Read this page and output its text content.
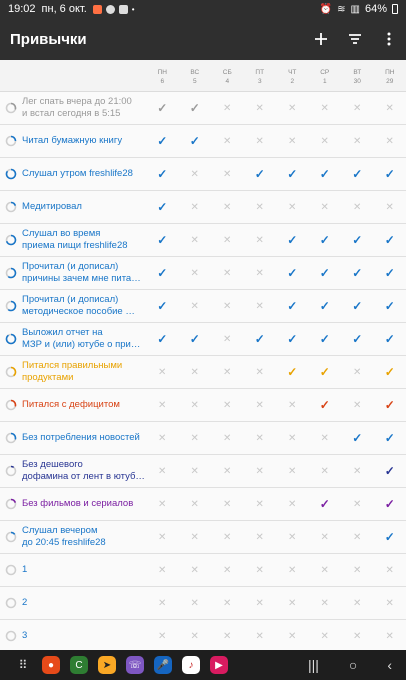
19:02 пн, 6 окт.	•	⏰ ≋ ▥ 64%
Привычки
ПН
6
ВС
5
СБ
4
ПТ
3
ЧТ
2
СР
1
ВТ
30
ПН
29
Лег спать вчера до 21:00
и встал сегодня в 5:15	✓	✓	✕	✕	✕	✕	✕	✕
Читал бумажную книгу	✓	✓	✕	✕	✕	✕	✕	✕
Слушал утром freshlife28	✓	✕	✕	✓	✓	✓	✓	✓
Медитировал	✓	✕	✕	✕	✕	✕	✕	✕
Слушал во время
приема пищи freshlife28	✓	✕	✕	✕	✓	✓	✓	✓
Прочитал (и дописал)
причины зачем мне пита…	✓	✕	✕	✕	✓	✓	✓	✓
Прочитал (и дописал)
методическое пособие …	✓	✕	✕	✕	✓	✓	✓	✓
Выложил отчет на
МЗР и (или) ютубе о при…	✓	✓	✕	✓	✓	✓	✓	✓
Питался правильными
продуктами	✕	✕	✕	✕	✓	✓	✕	✓
Питался с дефицитом	✕	✕	✕	✕	✕	✓	✕	✓
Без потребления новостей	✕	✕	✕	✕	✕	✕	✓	✓
Без дешевого
дофамина от лент в ютуб…	✕	✕	✕	✕	✕	✕	✕	✓
Без фильмов и сериалов	✕	✕	✕	✕	✕	✓	✕	✓
Слушал вечером
до 20:45 freshlife28	✕	✕	✕	✕	✕	✕	✕	✓
1	✕	✕	✕	✕	✕	✕	✕	✕
2	✕	✕	✕	✕	✕	✕	✕	✕
3	✕	✕	✕	✕	✕	✕	✕	✕
⠿	●	C	➤	☏ 🎤	♪	▶	||| ○ ‹
